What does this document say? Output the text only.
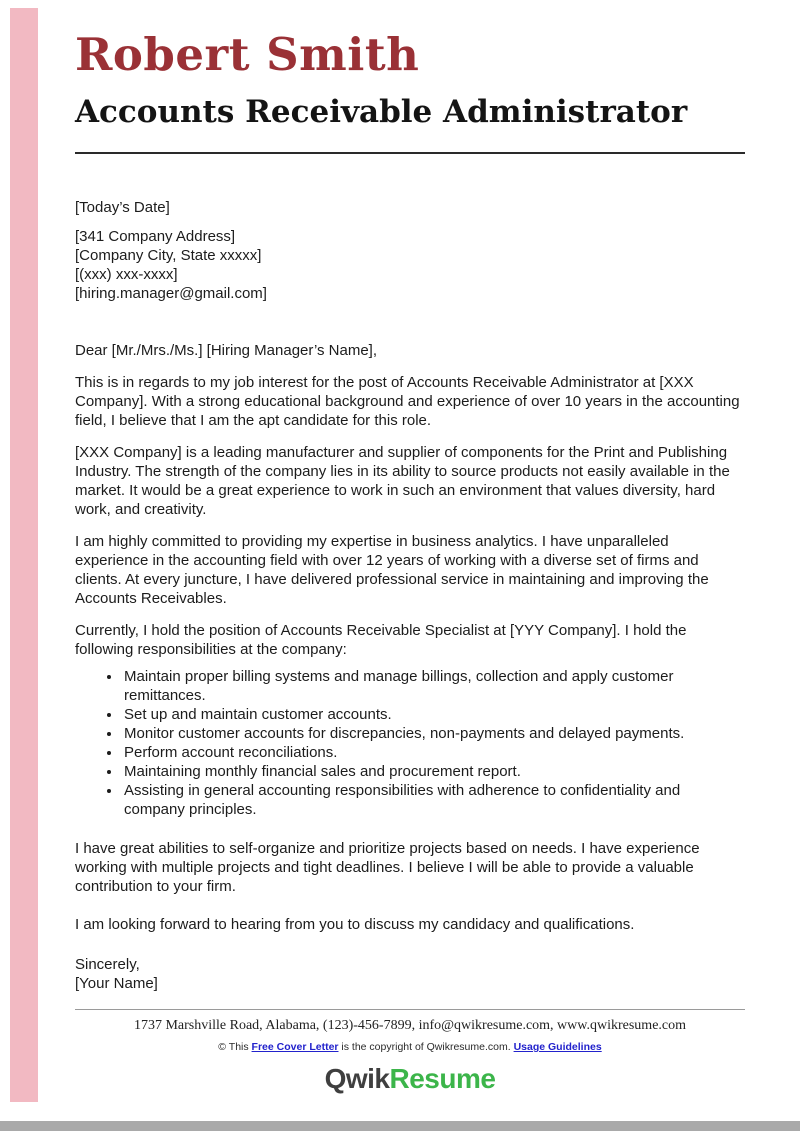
Robert Smith
Accounts Receivable Administrator
[Today’s Date]
[341 Company Address]
[Company City, State xxxxx]
[(xxx) xxx-xxxx]
[hiring.manager@gmail.com]
Dear [Mr./Mrs./Ms.] [Hiring Manager’s Name],

This is in regards to my job interest for the post of Accounts Receivable Administrator at [XXX Company]. With a strong educational background and experience of over 10 years in the accounting field, I believe that I am the apt candidate for this role.

[XXX Company] is a leading manufacturer and supplier of components for the Print and Publishing Industry. The strength of the company lies in its ability to source products not easily available in the market. It would be a great experience to work in such an environment that values diversity, hard work, and creativity.

I am highly committed to providing my expertise in business analytics. I have unparalleled experience in the accounting field with over 12 years of working with a diverse set of firms and clients. At every juncture, I have delivered professional service in maintaining and improving the Accounts Receivables.

Currently, I hold the position of Accounts Receivable Specialist at [YYY Company]. I hold the following responsibilities at the company:

• Maintain proper billing systems and manage billings, collection and apply customer remittances.
• Set up and maintain customer accounts.
• Monitor customer accounts for discrepancies, non-payments and delayed payments.
• Perform account reconciliations.
• Maintaining monthly financial sales and procurement report.
• Assisting in general accounting responsibilities with adherence to confidentiality and company principles.

I have great abilities to self-organize and prioritize projects based on needs. I have experience working with multiple projects and tight deadlines. I believe I will be able to provide a valuable contribution to your firm.

I am looking forward to hearing from you to discuss my candidacy and qualifications.

Sincerely,
[Your Name]

1737 Marshville Road, Alabama, (123)-456-7899, info@qwikresume.com, www.qwikresume.com

© This Free Cover Letter is the copyright of Qwikresume.com. Usage Guidelines

QwikResume
